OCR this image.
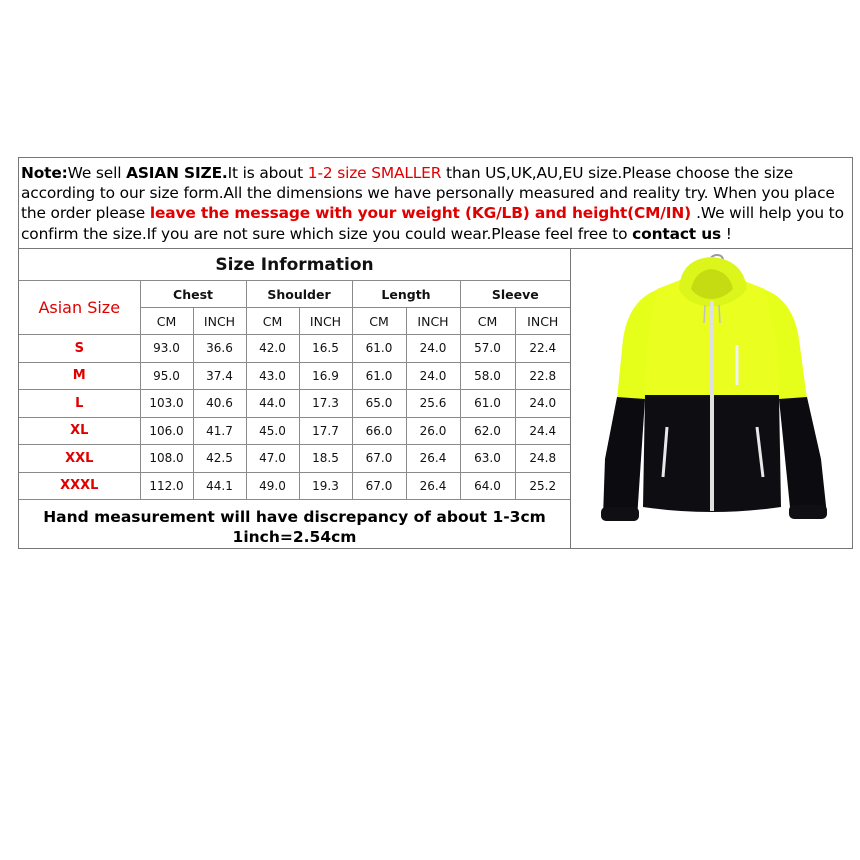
Note:We sell ASIAN SIZE.It is about 1-2 size SMALLER than US,UK,AU,EU size.Please choose the size according to our size form.All the dimensions we have personally measured and reality try. When you place the order please leave the message with your weight (KG/LB) and height(CM/IN) .We will help you to confirm the size.If you are not sure which size you could wear.Please feel free to contact us !
Size Information								
Asian Size	Chest		Shoulder		Length		Sleeve	
	CM	INCH	CM	INCH	CM	INCH	CM	INCH
S	93.0	36.6	42.0	16.5	61.0	24.0	57.0	22.4
M	95.0	37.4	43.0	16.9	61.0	24.0	58.0	22.8
L	103.0	40.6	44.0	17.3	65.0	25.6	61.0	24.0
XL	106.0	41.7	45.0	17.7	66.0	26.0	62.0	24.4
XXL	108.0	42.5	47.0	18.5	67.0	26.4	63.0	24.8
XXXL	112.0	44.1	49.0	19.3	67.0	26.4	64.0	25.2
Hand measurement will have discrepancy of about 1-3cm
1inch=2.54cm
